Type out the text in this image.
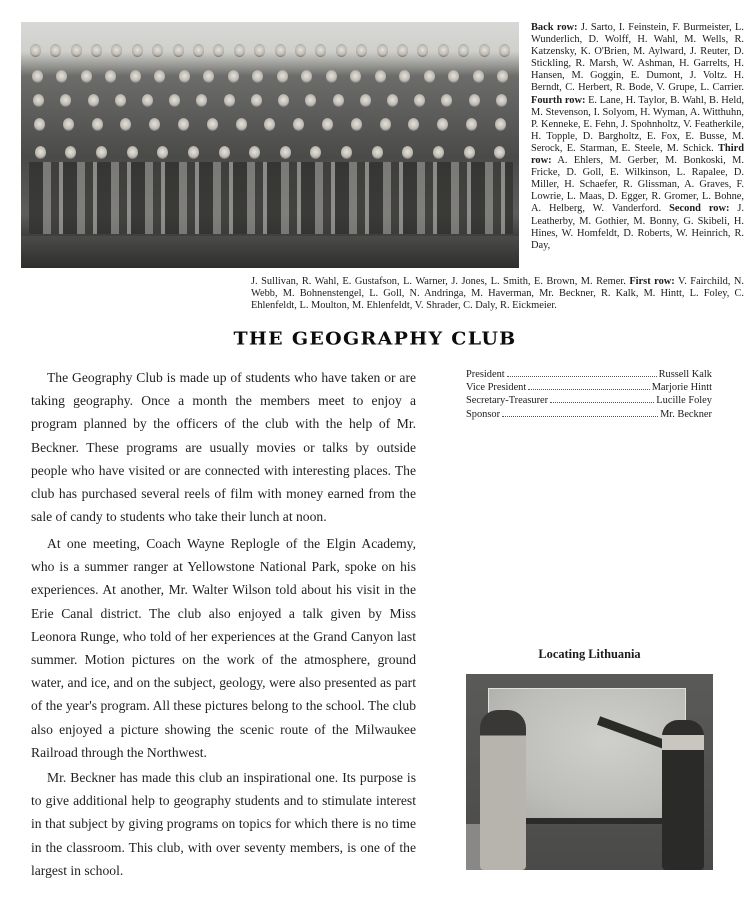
Back row: J. Sarto, I. Feinstein, F. Burmeister, L. Wunderlich, D. Wolff, H. Wahl, M. Wells, R. Katzensky, K. O'Brien, M. Aylward, J. Reuter, D. Stickling, R. Marsh, W. Ashman, H. Garrelts, H. Hansen, M. Goggin, E. Dumont, J. Voltz. H. Berndt, C. Herbert, R. Bode, V. Grupe, L. Carrier. Fourth row: E. Lane, H. Taylor, B. Wahl, B. Held, M. Stevenson, I. Solyom, H. Wyman, A. Witthuhn, P. Kenneke, E. Fehn, J. Spohnholtz, V. Featherkile, H. Topple, D. Bargholtz, E. Fox, E. Busse, M. Serock, E. Starman, E. Steele, M. Schick. Third row: A. Ehlers, M. Gerber, M. Bonkoski, M. Fricke, D. Goll, E. Wilkinson, L. Rapalee, D. Miller, H. Schaefer, R. Glissman, A. Graves, F. Lowrie, L. Maas, D. Egger, R. Gromer, L. Bohne, A. Helberg, W. Vanderford. Second row: J. Leatherby, M. Gothier, M. Bonny, G. Skibeli, H. Hines, W. Homfeldt, D. Roberts, W. Heinrich, R. Day,
J. Sullivan, R. Wahl, E. Gustafson, L. Warner, J. Jones, L. Smith, E. Brown, M. Remer. First row: V. Fairchild, N. Webb, M. Bohnenstengel, L. Goll, N. Andringa, M. Haverman, Mr. Beckner, R. Kalk, M. Hintt, L. Foley, C. Ehlenfeldt, L. Moulton, M. Ehlenfeldt, V. Shrader, C. Daly, R. Eickmeier.
THE GEOGRAPHY CLUB

The Geography Club is made up of students who have taken or are taking geography. Once a month the members meet to enjoy a program planned by the officers of the club with the help of Mr. Beckner. These programs are usually movies or talks by outside people who have visited or are connected with interesting places. The club has purchased several reels of film with money earned from the sale of candy to students who take their lunch at noon.

At one meeting, Coach Wayne Replogle of the Elgin Academy, who is a summer ranger at Yellowstone National Park, spoke on his experiences. At another, Mr. Walter Wilson told about his visit in the Erie Canal district. The club also enjoyed a talk given by Miss Leonora Runge, who told of her experiences at the Grand Canyon last summer. Motion pictures on the work of the atmosphere, ground water, and ice, and on the subject, geology, were also presented as part of the year's program. All these pictures belong to the school. The club also enjoyed a picture showing the scenic route of the Milwaukee Railroad through the Northwest.

Mr. Beckner has made this club an inspirational one. Its purpose is to give additional help to geography students and to stimulate interest in that subject by giving programs on topics for which there is no time in the classroom. This club, with over seventy members, is one of the largest in school.

President	Russell Kalk
Vice President	Marjorie Hintt
Secretary-Treasurer	Lucille Foley
Sponsor	Mr. Beckner
Locating Lithuania
